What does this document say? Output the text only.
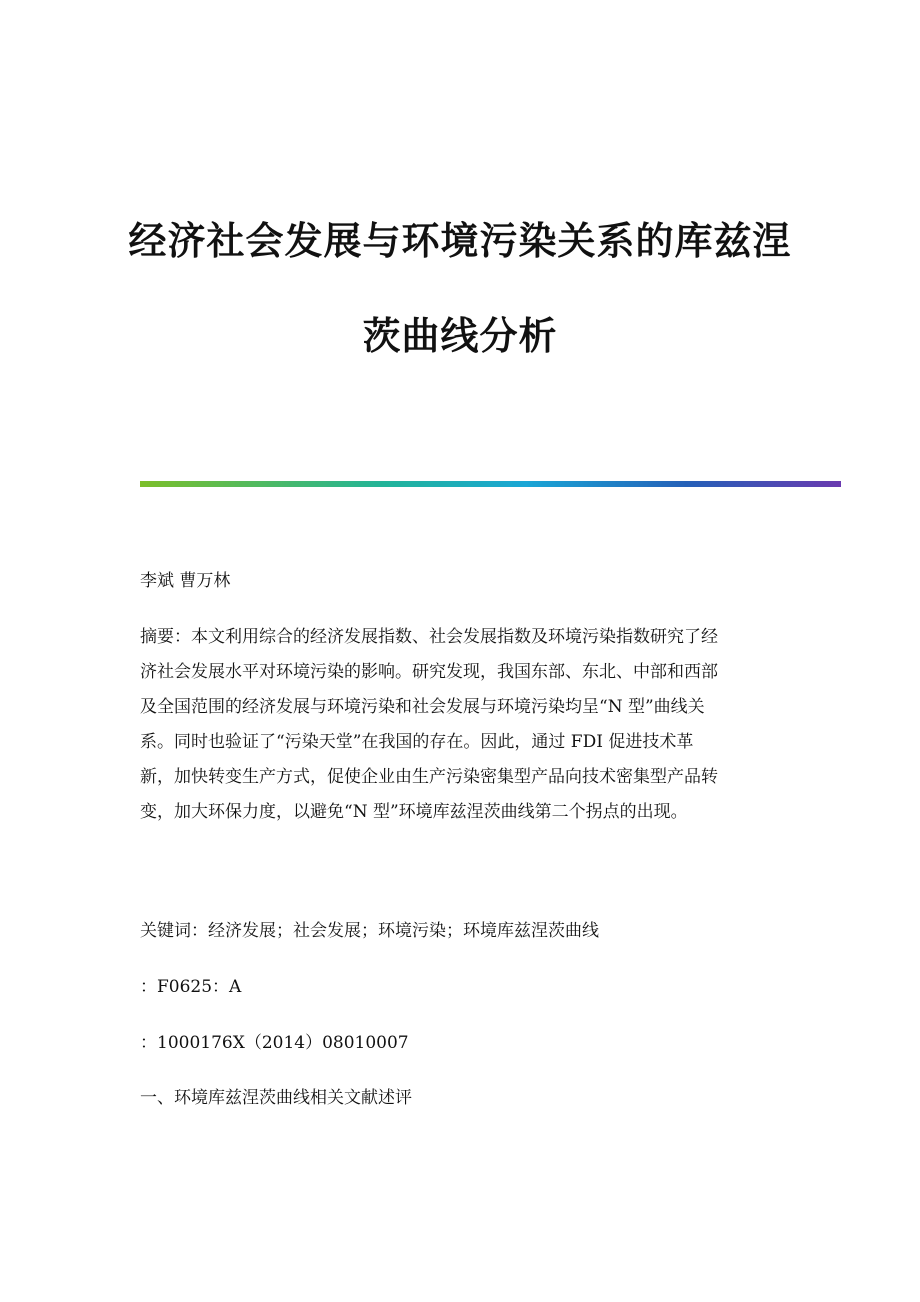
经济社会发展与环境污染关系的库兹涅
茨曲线分析

李斌 曹万林

摘要：本文利用综合的经济发展指数、社会发展指数及环境污染指数研究了经
济社会发展水平对环境污染的影响。研究发现，我国东部、东北、中部和西部
及全国范围的经济发展与环境污染和社会发展与环境污染均呈“N 型”曲线关
系。同时也验证了“污染天堂”在我国的存在。因此，通过 FDI 促进技术革
新，加快转变生产方式，促使企业由生产污染密集型产品向技术密集型产品转
变，加大环保力度，以避免“N 型”环境库兹涅茨曲线第二个拐点的出现。

关键词：经济发展；社会发展；环境污染；环境库兹涅茨曲线

：F0625：A

：1000176X（2014）08010007

一、环境库兹涅茨曲线相关文献述评
